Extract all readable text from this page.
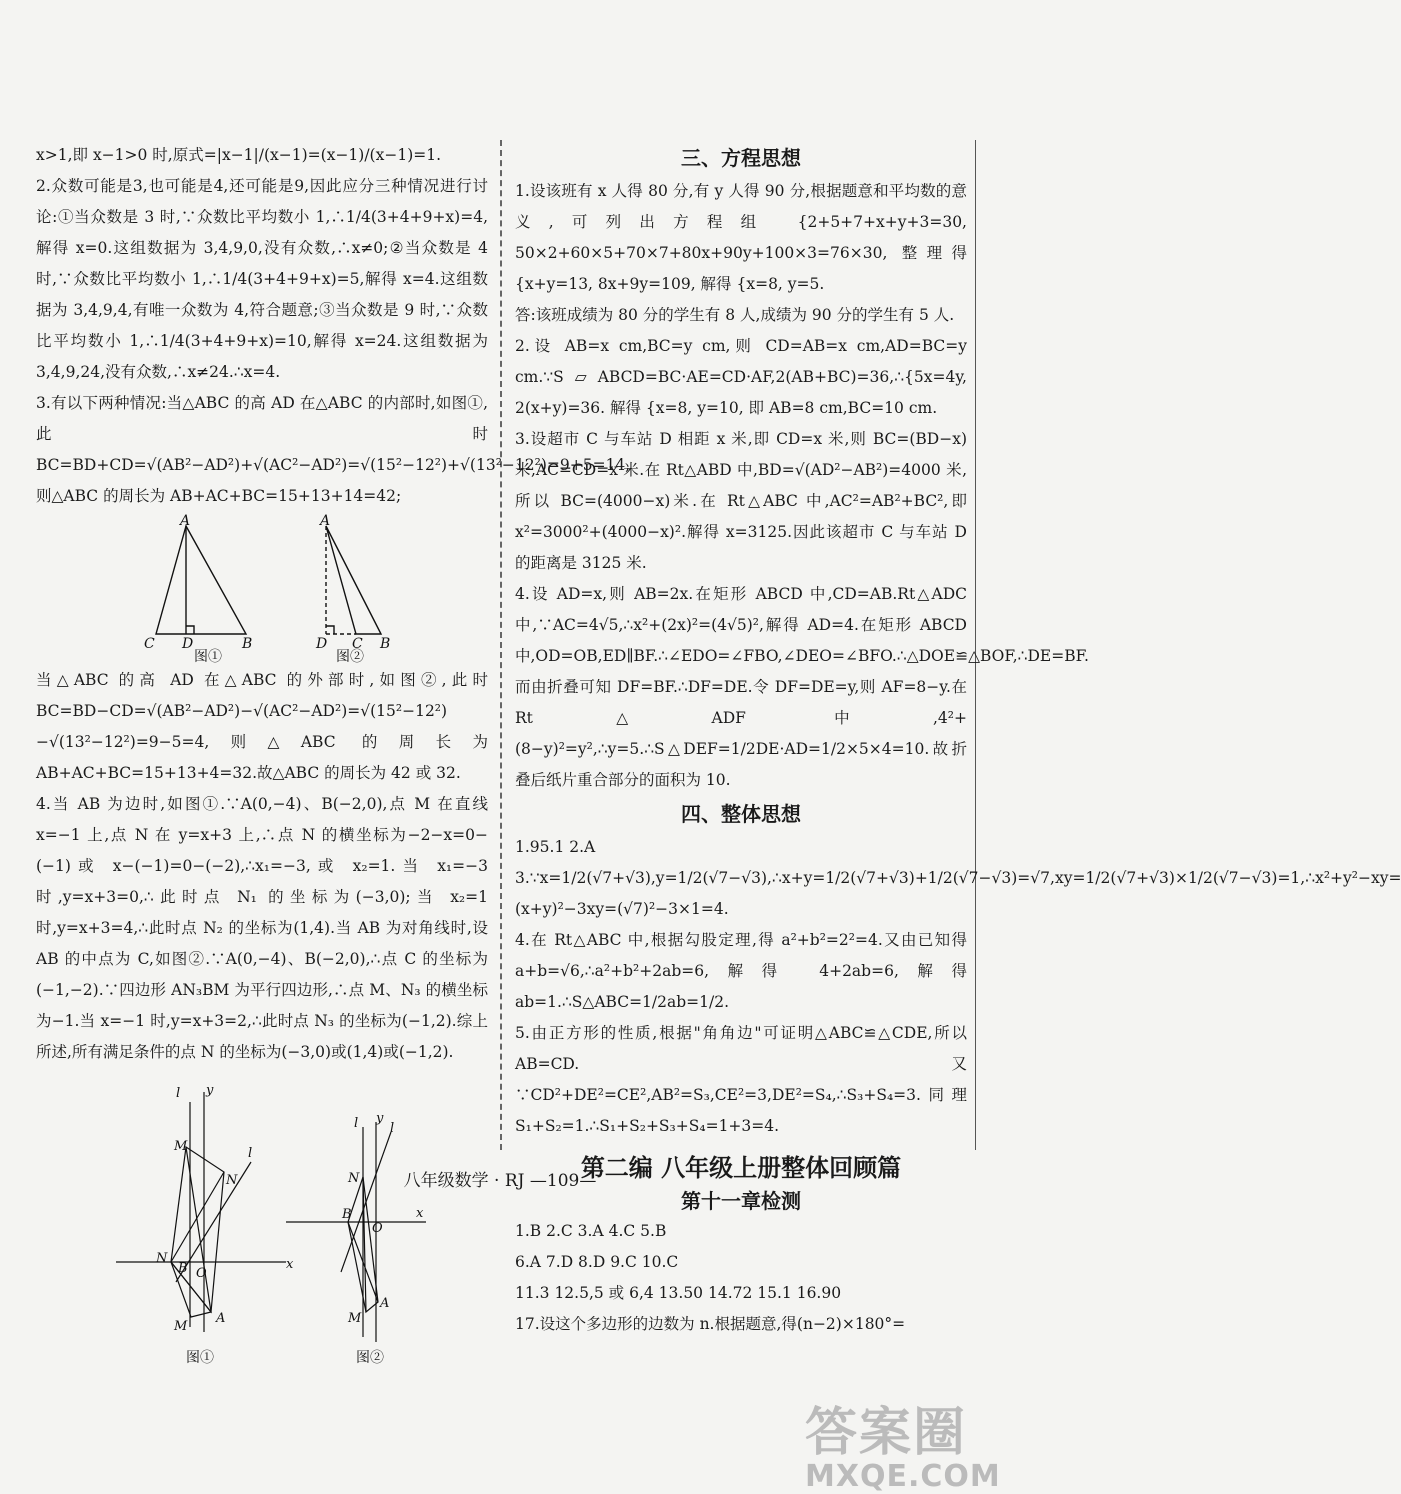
x>1,即 x−1>0 时,原式=|x−1|/(x−1)=(x−1)/(x−1)=1.

2.众数可能是3,也可能是4,还可能是9,因此应分三种情况进行讨论:①当众数是 3 时,∵众数比平均数小 1,∴1/4(3+4+9+x)=4,解得 x=0.这组数据为 3,4,9,0,没有众数,∴x≠0;②当众数是 4 时,∵众数比平均数小 1,∴1/4(3+4+9+x)=5,解得 x=4.这组数据为 3,4,9,4,有唯一众数为 4,符合题意;③当众数是 9 时,∵众数比平均数小 1,∴1/4(3+4+9+x)=10,解得 x=24.这组数据为 3,4,9,24,没有众数,∴x≠24.∴x=4.

3.有以下两种情况:当△ABC 的高 AD 在△ABC 的内部时,如图①,此时 BC=BD+CD=√(AB²−AD²)+√(AC²−AD²)=√(15²−12²)+√(13²−12²)=9+5=14,则△ABC 的周长为 AB+AC+BC=15+13+14=42;

A
C D	B
A
D C B
图①	图②

当△ABC 的高 AD 在△ABC 的外部时,如图②,此时 BC=BD−CD=√(AB²−AD²)−√(AC²−AD²)=√(15²−12²)−√(13²−12²)=9−5=4,则△ABC 的周长为 AB+AC+BC=15+13+4=32.故△ABC 的周长为 42 或 32.

4.当 AB 为边时,如图①.∵A(0,−4)、B(−2,0),点 M 在直线 x=−1 上,点 N 在 y=x+3 上,∴点 N 的横坐标为−2−x=0−(−1)或 x−(−1)=0−(−2),∴x₁=−3,或 x₂=1.当 x₁=−3 时,y=x+3=0,∴此时点 N₁ 的坐标为(−3,0);当 x₂=1 时,y=x+3=4,∴此时点 N₂ 的坐标为(1,4).当 AB 为对角线时,设 AB 的中点为 C,如图②.∵A(0,−4)、B(−2,0),∴点 C 的坐标为(−1,−2).∵四边形 AN₃BM 为平行四边形,∴点 M、N₃ 的横坐标为−1.当 x=−1 时,y=x+3=2,∴此时点 N₃ 的坐标为(−1,2).综上所述,所有满足条件的点 N 的坐标为(−3,0)或(1,4)或(−1,2).

l y
l
M
N
N
B O
A
M
x
l y
l
N
B
O
x
A
M
图①	图②
三、方程思想

1.设该班有 x 人得 80 分,有 y 人得 90 分,根据题意和平均数的意义,可列出方程组 {2+5+7+x+y+3=30, 50×2+60×5+70×7+80x+90y+100×3=76×30, 整理得 {x+y=13, 8x+9y=109, 解得 {x=8, y=5.

答:该班成绩为 80 分的学生有 8 人,成绩为 90 分的学生有 5 人.

2.设 AB=x cm,BC=y cm,则 CD=AB=x cm,AD=BC=y cm.∵S▱ABCD=BC·AE=CD·AF,2(AB+BC)=36,∴{5x=4y, 2(x+y)=36. 解得 {x=8, y=10, 即 AB=8 cm,BC=10 cm.

3.设超市 C 与车站 D 相距 x 米,即 CD=x 米,则 BC=(BD−x)米,AC=CD=x 米.在 Rt△ABD 中,BD=√(AD²−AB²)=4000 米,所以 BC=(4000−x)米.在 Rt△ABC 中,AC²=AB²+BC²,即 x²=3000²+(4000−x)².解得 x=3125.因此该超市 C 与车站 D 的距离是 3125 米.

4.设 AD=x,则 AB=2x.在矩形 ABCD 中,CD=AB.Rt△ADC 中,∵AC=4√5,∴x²+(2x)²=(4√5)²,解得 AD=4.在矩形 ABCD 中,OD=OB,ED∥BF.∴∠EDO=∠FBO,∠DEO=∠BFO.∴△DOE≌△BOF,∴DE=BF.而由折叠可知 DF=BF.∴DF=DE.令 DF=DE=y,则 AF=8−y.在 Rt△ADF 中,4²+(8−y)²=y²,∴y=5.∴S△DEF=1/2DE·AD=1/2×5×4=10.故折叠后纸片重合部分的面积为 10.

四、整体思想

1.95.1 2.A

3.∵x=1/2(√7+√3),y=1/2(√7−√3),∴x+y=1/2(√7+√3)+1/2(√7−√3)=√7,xy=1/2(√7+√3)×1/2(√7−√3)=1,∴x²+y²−xy=(x+y)²−3xy=(√7)²−3×1=4.

4.在 Rt△ABC 中,根据勾股定理,得 a²+b²=2²=4.又由已知得 a+b=√6,∴a²+b²+2ab=6,解得 4+2ab=6,解得 ab=1.∴S△ABC=1/2ab=1/2.

5.由正方形的性质,根据"角角边"可证明△ABC≌△CDE,所以 AB=CD.又∵CD²+DE²=CE²,AB²=S₃,CE²=3,DE²=S₄,∴S₃+S₄=3.同理 S₁+S₂=1.∴S₁+S₂+S₃+S₄=1+3=4.

第二编 八年级上册整体回顾篇
第十一章检测

1.B 2.C 3.A 4.C 5.B

6.A 7.D 8.D 9.C 10.C

11.3 12.5,5 或 6,4 13.50 14.72 15.1 16.90

17.设这个多边形的边数为 n.根据题意,得(n−2)×180°=

八年级数学 · RJ —109—
答案圈
MXQE.COM
